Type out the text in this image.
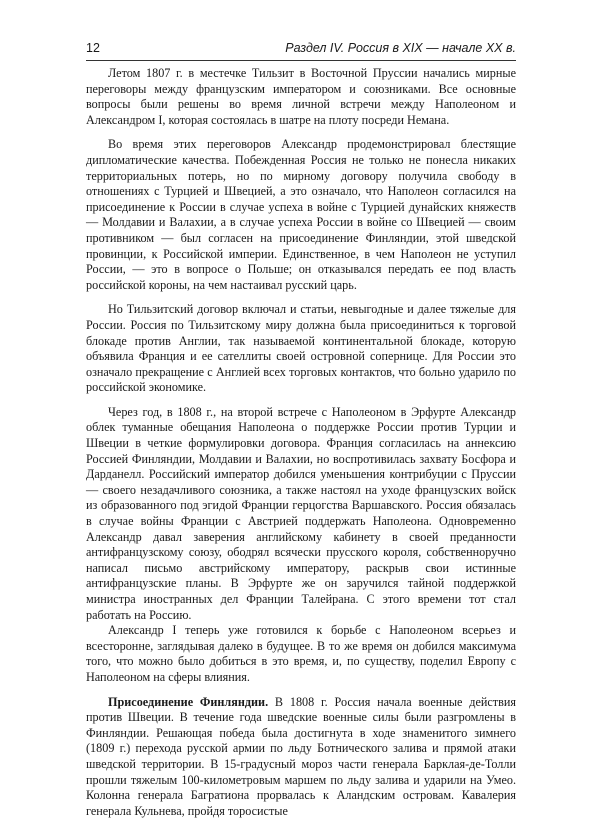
12	Раздел IV. Россия в XIX — начале XX в.

Летом 1807 г. в местечке Тильзит в Восточной Пруссии начались мирные переговоры между французским императором и союзниками. Все основные вопросы были решены во время личной встречи между Наполеоном и Александром I, которая состоялась в шатре на плоту посреди Немана.

Во время этих переговоров Александр продемонстрировал блестящие дипломатические качества. Побежденная Россия не только не понесла никаких территориальных потерь, но по мирному договору получила свободу в отношениях с Турцией и Швецией, а это означало, что Наполеон согласился на присоединение к России в случае успеха в войне с Турцией дунайских княжеств — Молдавии и Валахии, а в случае успеха России в войне со Швецией — своим противником — был согласен на присоединение Финляндии, этой шведской провинции, к Российской империи. Единственное, в чем Наполеон не уступил России, — это в вопросе о Польше; он отказывался передать ее под власть российской короны, на чем настаивал русский царь.

Но Тильзитский договор включал и статьи, невыгодные и далее тяжелые для России. Россия по Тильзитскому миру должна была присоединиться к торговой блокаде против Англии, так называемой континентальной блокаде, которую объявила Франция и ее сателлиты своей островной сопернице. Для России это означало прекращение с Англией всех торговых контактов, что больно ударило по российской экономике.

Через год, в 1808 г., на второй встрече с Наполеоном в Эрфурте Александр облек туманные обещания Наполеона о поддержке России против Турции и Швеции в четкие формулировки договора. Франция согласилась на аннексию Россией Финляндии, Молдавии и Валахии, но воспротивилась захвату Босфора и Дарданелл. Российский император добился уменьшения контрибуции с Пруссии — своего незадачливого союзника, а также настоял на уходе французских войск из образованного под эгидой Франции герцогства Варшавского. Россия обязалась в случае войны Франции с Австрией поддержать Наполеона. Одновременно Александр давал заверения английскому кабинету в своей преданности антифранцузскому союзу, ободрял всячески прусского короля, собственноручно написал письмо австрийскому императору, раскрыв свои истинные антифранцузские планы. В Эрфурте же он заручился тайной поддержкой министра иностранных дел Франции Талейрана. С этого времени тот стал работать на Россию.

Александр I теперь уже готовился к борьбе с Наполеоном всерьез и всесторонне, заглядывая далеко в будущее. В то же время он добился максимума того, что можно было добиться в это время, и, по существу, поделил Европу с Наполеоном на сферы влияния.

Присоединение Финляндии. В 1808 г. Россия начала военные действия против Швеции. В течение года шведские военные силы были разгромлены в Финляндии. Решающая победа была достигнута в ходе знаменитого зимнего (1809 г.) перехода русской армии по льду Ботнического залива и прямой атаки шведской территории. В 15-градусный мороз части генерала Барклая-де-Толли прошли тяжелым 100-километровым маршем по льду залива и ударили на Умео. Колонна генерала Багратиона прорвалась к Аландским островам. Кавалерия генерала Кульнева, пройдя торосистые
